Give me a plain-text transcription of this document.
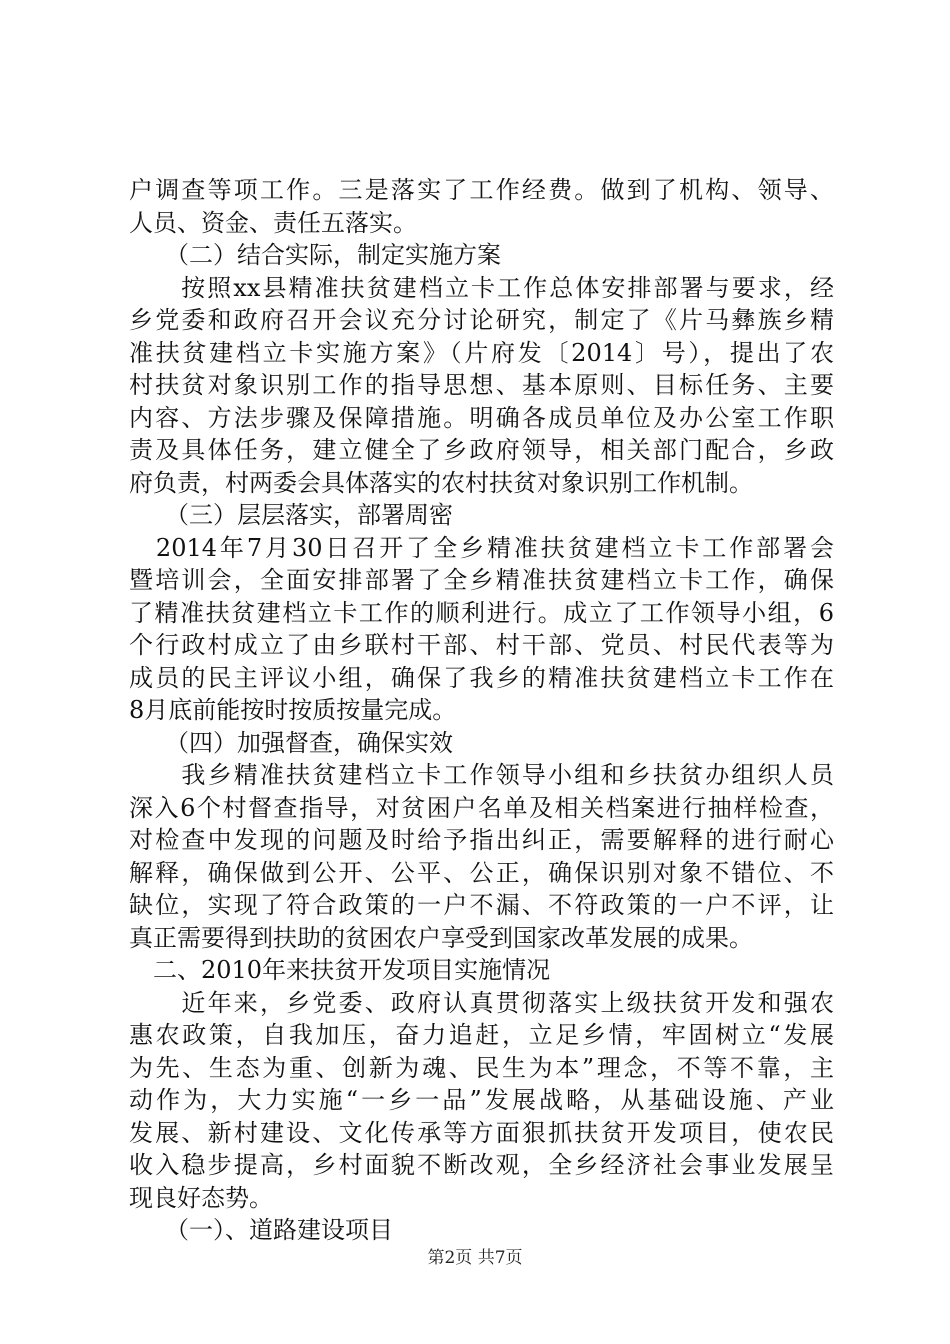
户调查等项工作。三是落实了工作经费。做到了机构、领导、
人员、资金、责任五落实。
　　（二）结合实际，制定实施方案
　　按照xx县精准扶贫建档立卡工作总体安排部署与要求，经
乡党委和政府召开会议充分讨论研究，制定了《片马彝族乡精
准扶贫建档立卡实施方案》（片府发〔2014〕号），提出了农
村扶贫对象识别工作的指导思想、基本原则、目标任务、主要
内容、方法步骤及保障措施。明确各成员单位及办公室工作职
责及具体任务，建立健全了乡政府领导，相关部门配合，乡政
府负责，村两委会具体落实的农村扶贫对象识别工作机制。
　　（三）层层落实，部署周密
　2014年7月30日召开了全乡精准扶贫建档立卡工作部署会
暨培训会，全面安排部署了全乡精准扶贫建档立卡工作，确保
了精准扶贫建档立卡工作的顺利进行。成立了工作领导小组，6
个行政村成立了由乡联村干部、村干部、党员、村民代表等为
成员的民主评议小组，确保了我乡的精准扶贫建档立卡工作在
8月底前能按时按质按量完成。
　　（四）加强督查，确保实效
　　我乡精准扶贫建档立卡工作领导小组和乡扶贫办组织人员
深入6个村督查指导，对贫困户名单及相关档案进行抽样检查，
对检查中发现的问题及时给予指出纠正，需要解释的进行耐心
解释，确保做到公开、公平、公正，确保识别对象不错位、不
缺位，实现了符合政策的一户不漏、不符政策的一户不评，让
真正需要得到扶助的贫困农户享受到国家改革发展的成果。
　二、2010年来扶贫开发项目实施情况
　　近年来，乡党委、政府认真贯彻落实上级扶贫开发和强农
惠农政策，自我加压，奋力追赶，立足乡情，牢固树立“发展
为先、生态为重、创新为魂、民生为本”理念，不等不靠，主
动作为，大力实施“一乡一品”发展战略，从基础设施、产业
发展、新村建设、文化传承等方面狠抓扶贫开发项目，使农民
收入稳步提高，乡村面貌不断改观，全乡经济社会事业发展呈
现良好态势。
　　（一）、道路建设项目
第2页 共7页
